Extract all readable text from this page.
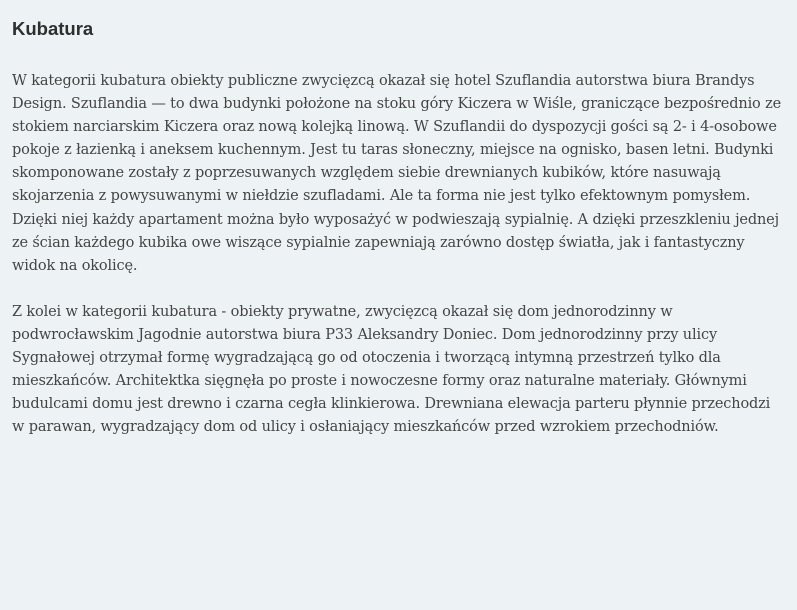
Kubatura

W kategorii kubatura obiekty publiczne zwycięzcą okazał się hotel Szuflandia autorstwa biura Brandys Design. Szuflandia — to dwa budynki położone na stoku góry Kiczera w Wiśle, graniczące bezpośrednio ze stokiem narciarskim Kiczera oraz nową kolejką linową. W Szuflandii do dyspozycji gości są 2- i 4-osobowe pokoje z łazienką i aneksem kuchennym. Jest tu taras słoneczny, miejsce na ognisko, basen letni. Budynki skomponowane zostały z poprzesuwanych względem siebie drewnianych kubików, które nasuwają skojarzenia z powysuwanymi w niełdzie szufladami. Ale ta forma nie jest tylko efektownym pomysłem. Dzięki niej każdy apartament można było wyposażyć w podwieszają sypialnię. A dzięki przeszkleniu jednej ze ścian każdego kubika owe wiszące sypialnie zapewniają zarówno dostęp światła, jak i fantastyczny widok na okolicę.

Z kolei w kategorii kubatura - obiekty prywatne, zwycięzcą okazał się dom jednorodzinny w podwrocławskim Jagodnie autorstwa biura P33 Aleksandry Doniec. Dom jednorodzinny przy ulicy Sygnałowej otrzymał formę wygradzającą go od otoczenia i tworzącą intymną przestrzeń tylko dla mieszkańców. Architektka sięgnęła po proste i nowoczesne formy oraz naturalne materiały. Głównymi budulcami domu jest drewno i czarna cegła klinkierowa. Drewniana elewacja parteru płynnie przechodzi w parawan, wygradzający dom od ulicy i osłaniający mieszkańców przed wzrokiem przechodniów.
